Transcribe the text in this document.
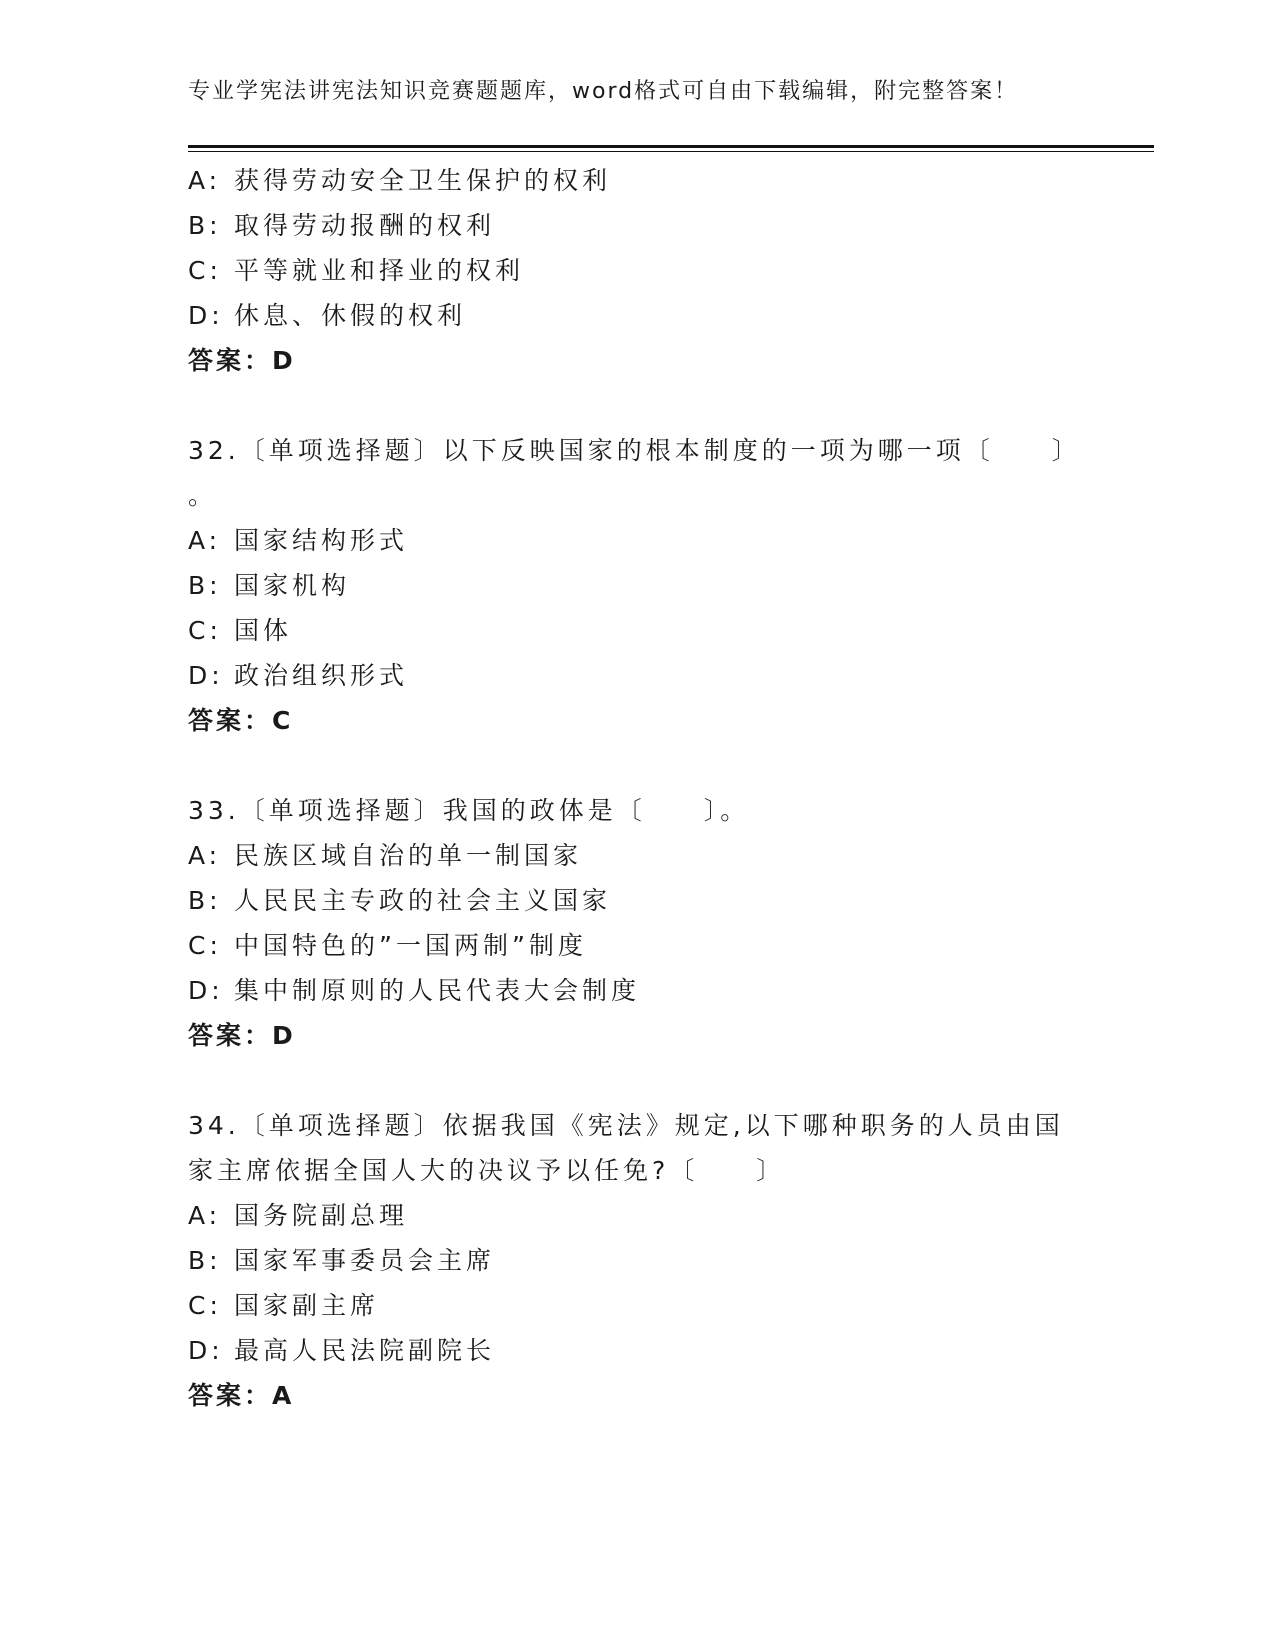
专业学宪法讲宪法知识竞赛题题库，word格式可自由下载编辑，附完整答案！
A: 获得劳动安全卫生保护的权利
B: 取得劳动报酬的权利
C: 平等就业和择业的权利
D: 休息、休假的权利
答案：D
32.〔单项选择题〕以下反映国家的根本制度的一项为哪一项〔　　〕
。
A: 国家结构形式
B: 国家机构
C: 国体
D: 政治组织形式
答案：C
33.〔单项选择题〕我国的政体是〔　　〕。
A: 民族区域自治的单一制国家
B: 人民民主专政的社会主义国家
C: 中国特色的”一国两制”制度
D: 集中制原则的人民代表大会制度
答案：D
34.〔单项选择题〕依据我国《宪法》规定,以下哪种职务的人员由国
家主席依据全国人大的决议予以任免?〔　　〕
A: 国务院副总理
B: 国家军事委员会主席
C: 国家副主席
D: 最高人民法院副院长
答案：A
